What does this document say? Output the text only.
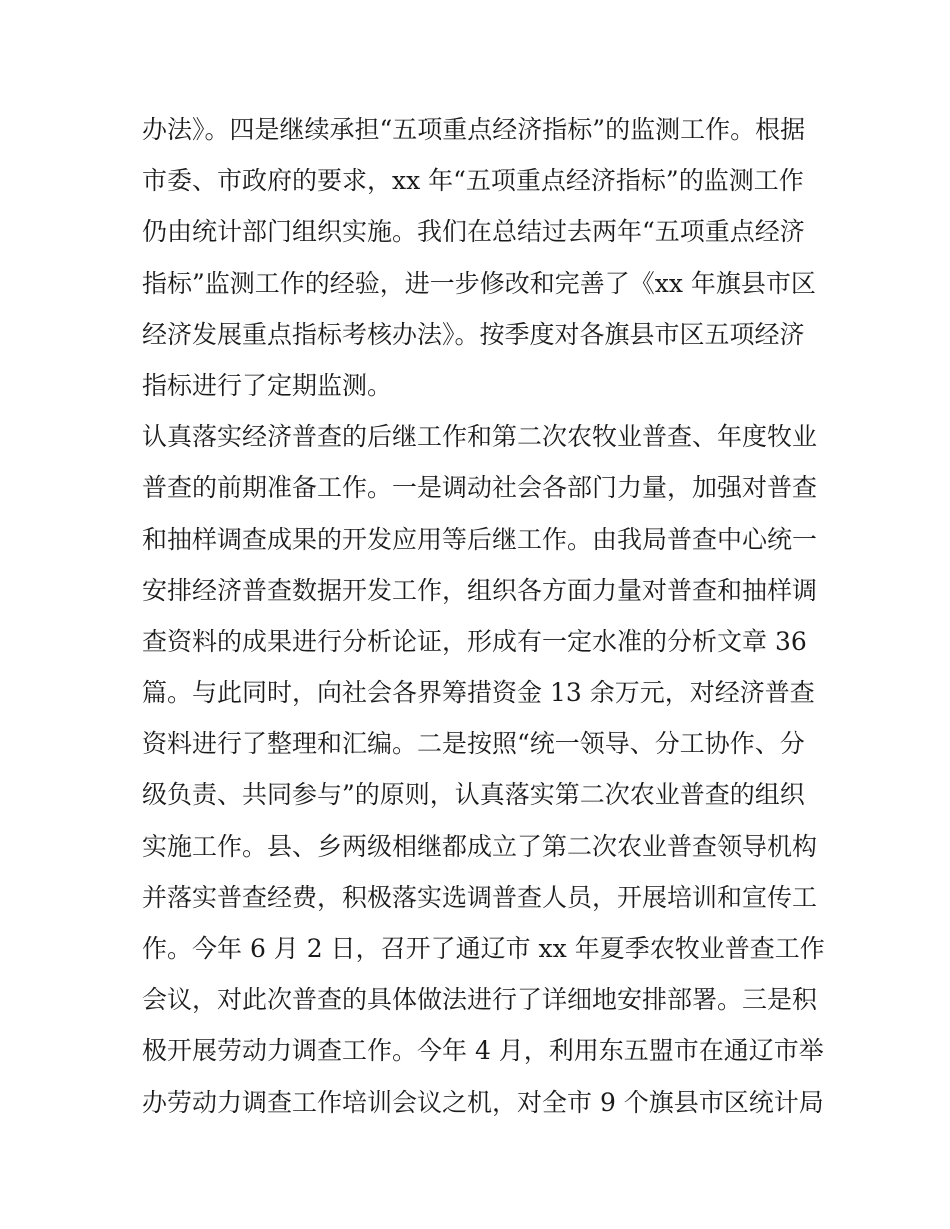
办法》。四是继续承担“五项重点经济指标”的监测工作。根据
市委、市政府的要求，xx 年“五项重点经济指标”的监测工作
仍由统计部门组织实施。我们在总结过去两年“五项重点经济
指标”监测工作的经验，进一步修改和完善了《xx 年旗县市区
经济发展重点指标考核办法》。按季度对各旗县市区五项经济
指标进行了定期监测。
认真落实经济普查的后继工作和第二次农牧业普查、年度牧业
普查的前期准备工作。一是调动社会各部门力量，加强对普查
和抽样调查成果的开发应用等后继工作。由我局普查中心统一
安排经济普查数据开发工作，组织各方面力量对普查和抽样调
查资料的成果进行分析论证，形成有一定水准的分析文章 36
篇。与此同时，向社会各界筹措资金 13 余万元，对经济普查
资料进行了整理和汇编。二是按照“统一领导、分工协作、分
级负责、共同参与”的原则，认真落实第二次农业普查的组织
实施工作。县、乡两级相继都成立了第二次农业普查领导机构
并落实普查经费，积极落实选调普查人员，开展培训和宣传工
作。今年 6 月 2 日，召开了通辽市 xx 年夏季农牧业普查工作
会议，对此次普查的具体做法进行了详细地安排部署。三是积
极开展劳动力调查工作。今年 4 月，利用东五盟市在通辽市举
办劳动力调查工作培训会议之机，对全市 9 个旗县市区统计局
